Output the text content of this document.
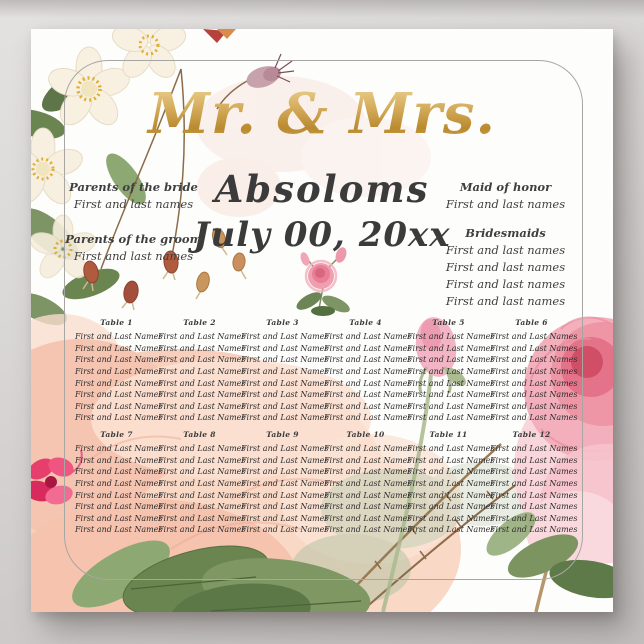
Mr. & Mrs.
Absoloms
July 00, 20xx
Parents of the bride
First and last names
Parents of the groom
First and last names
Maid of honor
First and last names
Bridesmaids
First and last names
First and last names
First and last names
First and last names
Table 1
First and Last Names
First and Last Names
First and Last Names
First and Last Names
First and Last Names
First and Last Names
First and Last Names
First and Last Names
Table 2
First and Last Names
First and Last Names
First and Last Names
First and Last Names
First and Last Names
First and Last Names
First and Last Names
First and Last Names
Table 3
First and Last Names
First and Last Names
First and Last Names
First and Last Names
First and Last Names
First and Last Names
First and Last Names
First and Last Names
Table 4
First and Last Names
First and Last Names
First and Last Names
First and Last Names
First and Last Names
First and Last Names
First and Last Names
First and Last Names
Table 5
First and Last Names
First and Last Names
First and Last Names
First and Last Names
First and Last Names
First and Last Names
First and Last Names
First and Last Names
Table 6
First and Last Names
First and Last Names
First and Last Names
First and Last Names
First and Last Names
First and Last Names
First and Last Names
First and Last Names
Table 7
First and Last Names
First and Last Names
First and Last Names
First and Last Names
First and Last Names
First and Last Names
First and Last Names
First and Last Names
Table 8
First and Last Names
First and Last Names
First and Last Names
First and Last Names
First and Last Names
First and Last Names
First and Last Names
First and Last Names
Table 9
First and Last Names
First and Last Names
First and Last Names
First and Last Names
First and Last Names
First and Last Names
First and Last Names
First and Last Names
Table 10
First and Last Names
First and Last Names
First and Last Names
First and Last Names
First and Last Names
First and Last Names
First and Last Names
First and Last Names
Table 11
First and Last Names
First and Last Names
First and Last Names
First and Last Names
First and Last Names
First and Last Names
First and Last Names
First and Last Names
Table 12
First and Last Names
First and Last Names
First and Last Names
First and Last Names
First and Last Names
First and Last Names
First and Last Names
First and Last Names
